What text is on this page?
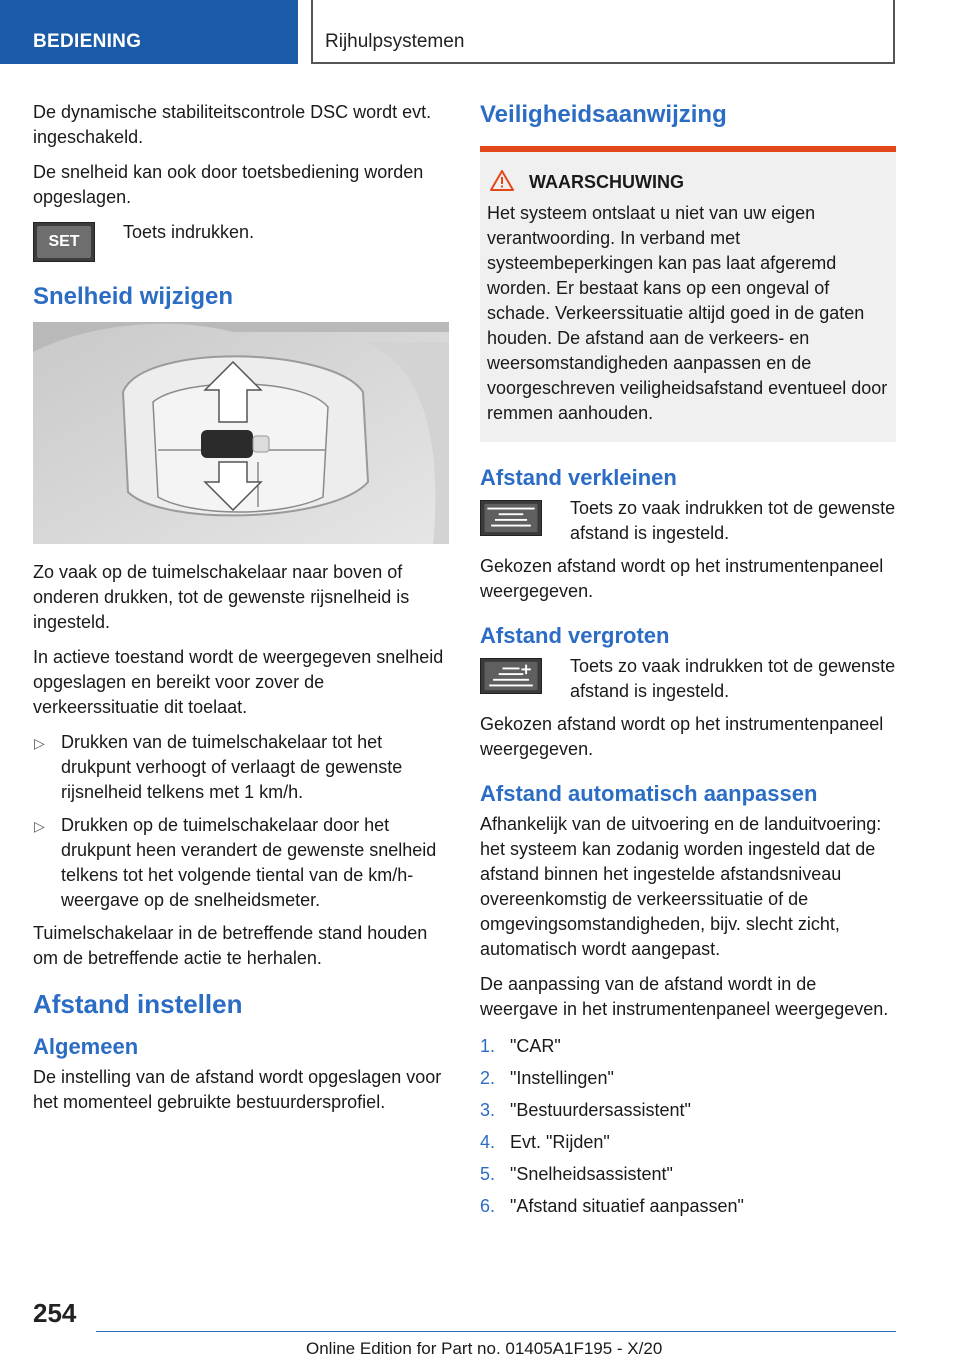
BEDIENING	Rijhulpsystemen

De dynamische stabiliteitscontrole DSC wordt evt. ingeschakeld.

De snelheid kan ook door toetsbediening worden opgeslagen.

SET	Toets indrukken.
Snelheid wijzigen

Zo vaak op de tuimelschakelaar naar boven of onderen drukken, tot de gewenste rijsnelheid is ingesteld.

In actieve toestand wordt de weergegeven snelheid opgeslagen en bereikt voor zover de verkeerssituatie dit toelaat.

▷ Drukken van de tuimelschakelaar tot het drukpunt verhoogt of verlaagt de gewenste rijsnelheid telkens met 1 km/h.
▷ Drukken op de tuimelschakelaar door het drukpunt heen verandert de gewenste snelheid telkens tot het volgende tiental van de km/h-weergave op de snelheidsmeter.

Tuimelschakelaar in de betreffende stand houden om de betreffende actie te herhalen.

Afstand instellen
Algemeen

De instelling van de afstand wordt opgeslagen voor het momenteel gebruikte bestuurdersprofiel.

Veiligheidsaanwijzing
WAARSCHUWING

Het systeem ontslaat u niet van uw eigen verantwoording. In verband met systeembeperkingen kan pas laat afgeremd worden. Er bestaat kans op een ongeval of schade. Verkeerssituatie altijd goed in de gaten houden. De afstand aan de verkeers- en weersomstandigheden aanpassen en de voorgeschreven veiligheidsafstand eventueel door remmen aanhouden.

Afstand verkleinen
Toets zo vaak indrukken tot de gewenste afstand is ingesteld.

Gekozen afstand wordt op het instrumentenpaneel weergegeven.

Afstand vergroten
Toets zo vaak indrukken tot de gewenste afstand is ingesteld.

Gekozen afstand wordt op het instrumentenpaneel weergegeven.

Afstand automatisch aanpassen

Afhankelijk van de uitvoering en de landuitvoering: het systeem kan zodanig worden ingesteld dat de afstand binnen het ingestelde afstandsniveau overeenkomstig de verkeerssituatie of de omgevingsomstandigheden, bijv. slecht zicht, automatisch wordt aangepast.

De aanpassing van de afstand wordt in de weergave in het instrumentenpaneel weergegeven.

1. "CAR"
2. "Instellingen"
3. "Bestuurdersassistent"
4. Evt. "Rijden"
5. "Snelheidsassistent"
6. "Afstand situatief aanpassen"
254
Online Edition for Part no. 01405A1F195 - X/20
